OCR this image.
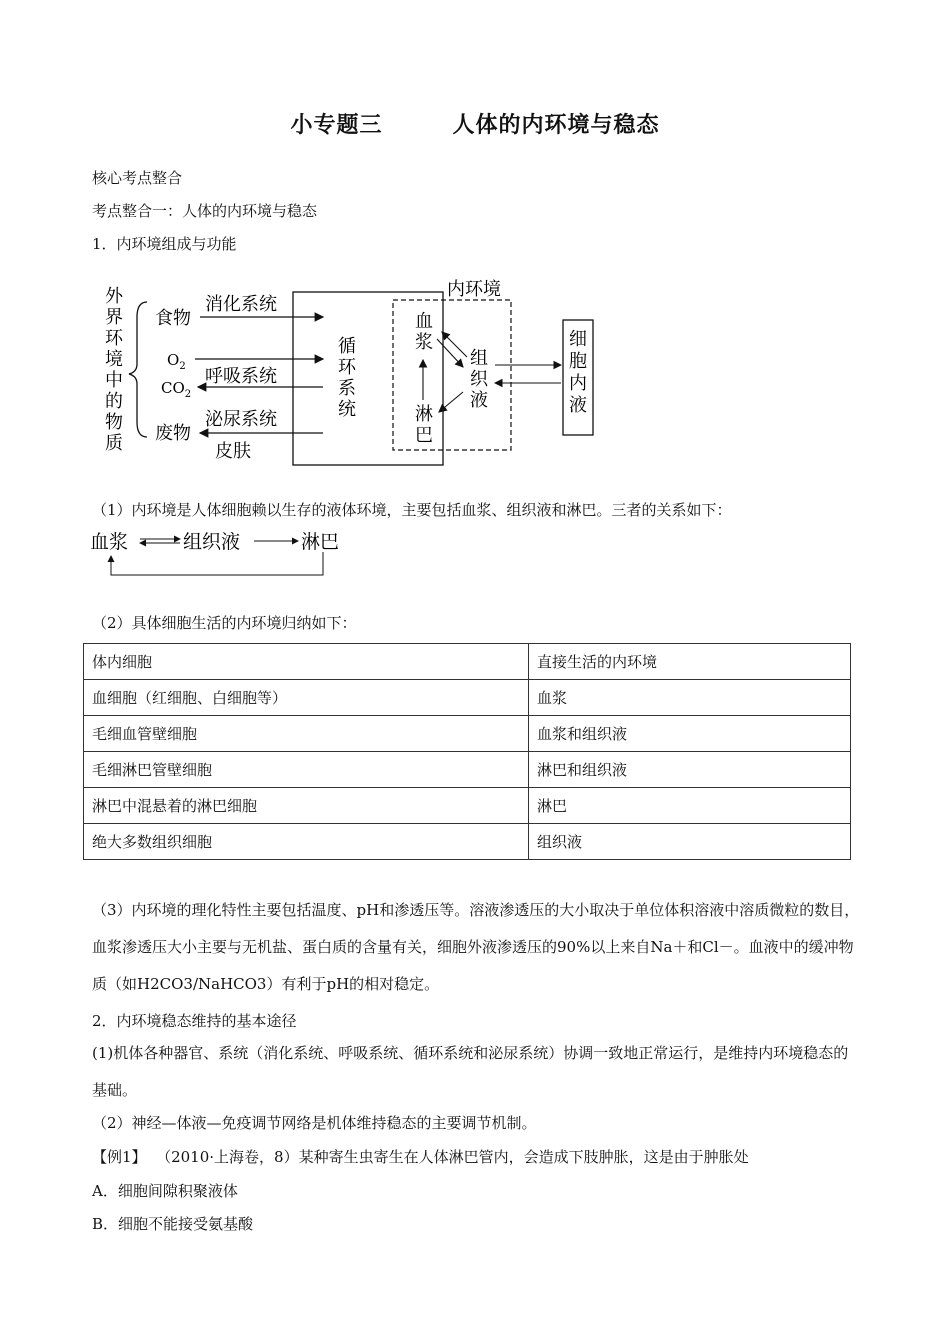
小专题三	人体的内环境与稳态
核心考点整合
考点整合一：人体的内环境与稳态
1．内环境组成与功能
外
界
环
境
中
的
物
质
食物
消化系统
$O_2$
$CO_2$
呼吸系统
废物
泌尿系统
皮肤
循
环
系
统
内环境
血
浆
组
织
液
淋
巴
细
胞
内
液
（1）内环境是人体细胞赖以生存的液体环境，主要包括血浆、组织液和淋巴。三者的关系如下：
血浆	组织液	淋巴
（2）具体细胞生活的内环境归纳如下：
体内细胞	直接生活的内环境
血细胞（红细胞、白细胞等）	血浆
毛细血管壁细胞	血浆和组织液
毛细淋巴管壁细胞	淋巴和组织液
淋巴中混悬着的淋巴细胞	淋巴
绝大多数组织细胞	组织液
（3）内环境的理化特性主要包括温度、pH和渗透压等。溶液渗透压的大小取决于单位体积溶液中溶质微粒的数目，血浆渗透压大小主要与无机盐、蛋白质的含量有关，细胞外液渗透压的90%以上来自Na＋和Cl－。血液中的缓冲物质（如H2CO3/NaHCO3）有利于pH的相对稳定。
2．内环境稳态维持的基本途径
(1)机体各种器官、系统（消化系统、呼吸系统、循环系统和泌尿系统）协调一致地正常运行，是维持内环境稳态的基础。
（2）神经—体液—免疫调节网络是机体维持稳态的主要调节机制。
【例1】 （2010·上海卷，8）某种寄生虫寄生在人体淋巴管内，会造成下肢肿胀，这是由于肿胀处
A．细胞间隙积聚液体
B．细胞不能接受氨基酸
